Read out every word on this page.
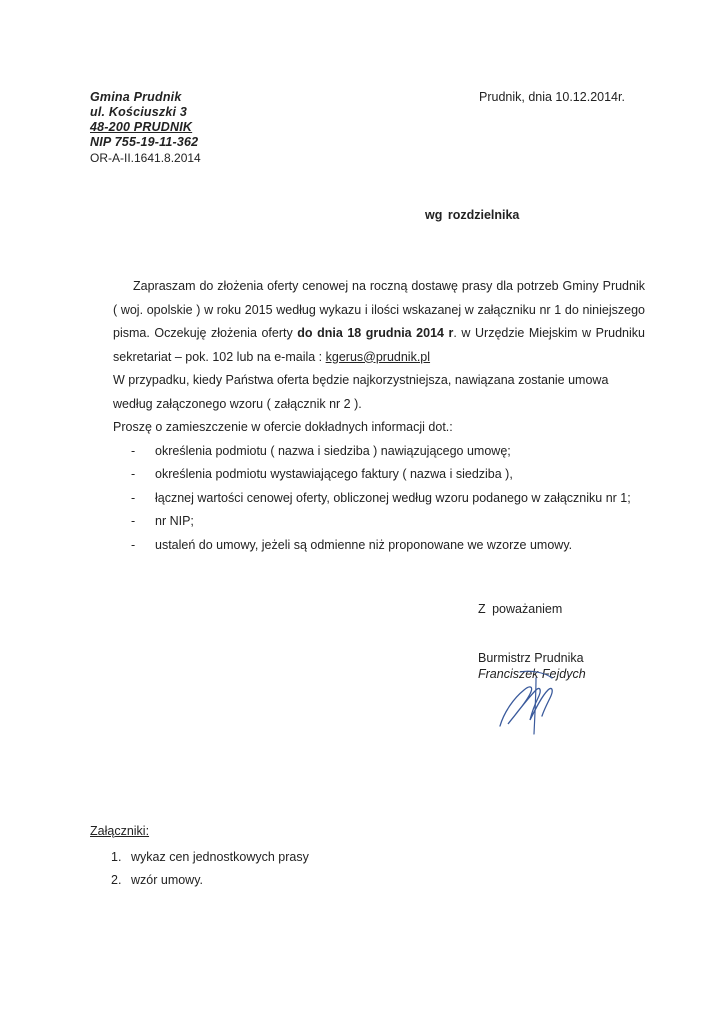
Gmina Prudnik
ul. Kościuszki 3
48-200 PRUDNIK
NIP 755-19-11-362
OR-A-II.1641.8.2014
Prudnik, dnia 10.12.2014r.
wg rozdzielnika

Zapraszam do złożenia oferty cenowej na roczną dostawę prasy dla potrzeb Gminy Prudnik ( woj. opolskie ) w roku 2015 według wykazu i ilości wskazanej w załączniku nr 1 do niniejszego pisma. Oczekuję złożenia oferty do dnia 18 grudnia 2014 r. w Urzędzie Miejskim w Prudniku sekretariat – pok. 102 lub na e-maila : kgerus@prudnik.pl

W przypadku, kiedy Państwa oferta będzie najkorzystniejsza, nawiązana zostanie umowa według załączonego wzoru ( załącznik nr 2 ).

Proszę o zamieszczenie w ofercie dokładnych informacji dot.:

- określenia podmiotu ( nazwa i siedziba ) nawiązującego umowę;
- określenia podmiotu wystawiającego faktury ( nazwa i siedziba ),
- łącznej wartości cenowej oferty, obliczonej według wzoru podanego w załączniku nr 1;
- nr NIP;
- ustaleń do umowy, jeżeli są odmienne niż proponowane we wzorze umowy.
Z poważaniem
Burmistrz Prudnika
Franciszek Fejdych
Załączniki:
1. wykaz cen jednostkowych prasy
2. wzór umowy.
